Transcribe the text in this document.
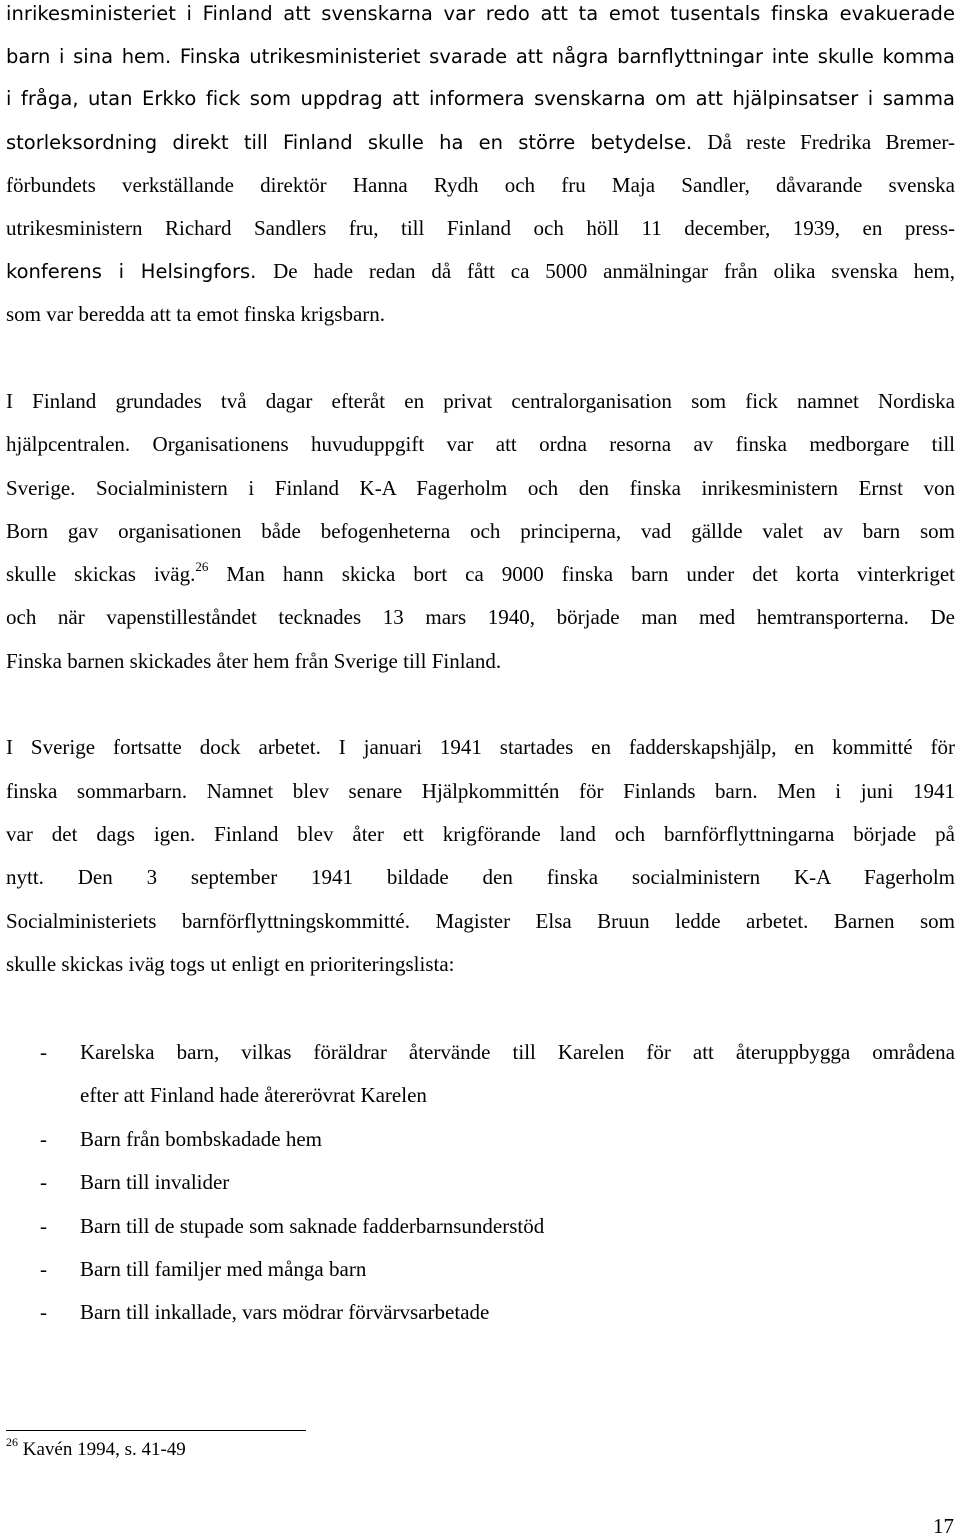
inrikesministeriet i Finland att svenskarna var redo att ta emot tusentals finska evakuerade
barn i sina hem. Finska utrikesministeriet svarade att några barnflyttningar inte skulle komma
i fråga, utan Erkko fick som uppdrag att informera svenskarna om att hjälpinsatser i samma
storleksordning direkt till Finland skulle ha en större betydelse. Då reste Fredrika Bremer-
förbundets verkställande direktör Hanna Rydh och fru Maja Sandler, dåvarande svenska
utrikesministern Richard Sandlers fru, till Finland och höll 11 december, 1939, en press-
konferens i Helsingfors. De hade redan då fått ca 5000 anmälningar från olika svenska hem,
som var beredda att ta emot finska krigsbarn.
I Finland grundades två dagar efteråt en privat centralorganisation som fick namnet Nordiska
hjälpcentralen. Organisationens huvuduppgift var att ordna resorna av finska medborgare till
Sverige. Socialministern i Finland K-A Fagerholm och den finska inrikesministern Ernst von
Born gav organisationen både befogenheterna och principerna, vad gällde valet av barn som
skulle skickas iväg.$^{26}$ Man hann skicka bort ca 9000 finska barn under det korta vinterkriget
och när vapenstilleståndet tecknades 13 mars 1940, började man med hemtransporterna. De
Finska barnen skickades åter hem från Sverige till Finland.
I Sverige fortsatte dock arbetet. I januari 1941 startades en fadderskapshjälp, en kommitté för
finska sommarbarn. Namnet blev senare Hjälpkommittén för Finlands barn. Men i juni 1941
var det dags igen. Finland blev åter ett krigförande land och barnförflyttningarna började på
nytt. Den 3 september 1941 bildade den finska socialministern K-A Fagerholm
Socialministeriets barnförflyttningskommitté. Magister Elsa Bruun ledde arbetet. Barnen som
skulle skickas iväg togs ut enligt en prioriteringslista:
- Karelska barn, vilkas föräldrar återvände till Karelen för att återuppbygga områdena
efter att Finland hade återerövrat Karelen
- Barn från bombskadade hem
- Barn till invalider
- Barn till de stupade som saknade fadderbarnsunderstöd
- Barn till familjer med många barn
- Barn till inkallade, vars mödrar förvärvsarbetade
$^{26}$ Kavén 1994, s. 41-49
17
